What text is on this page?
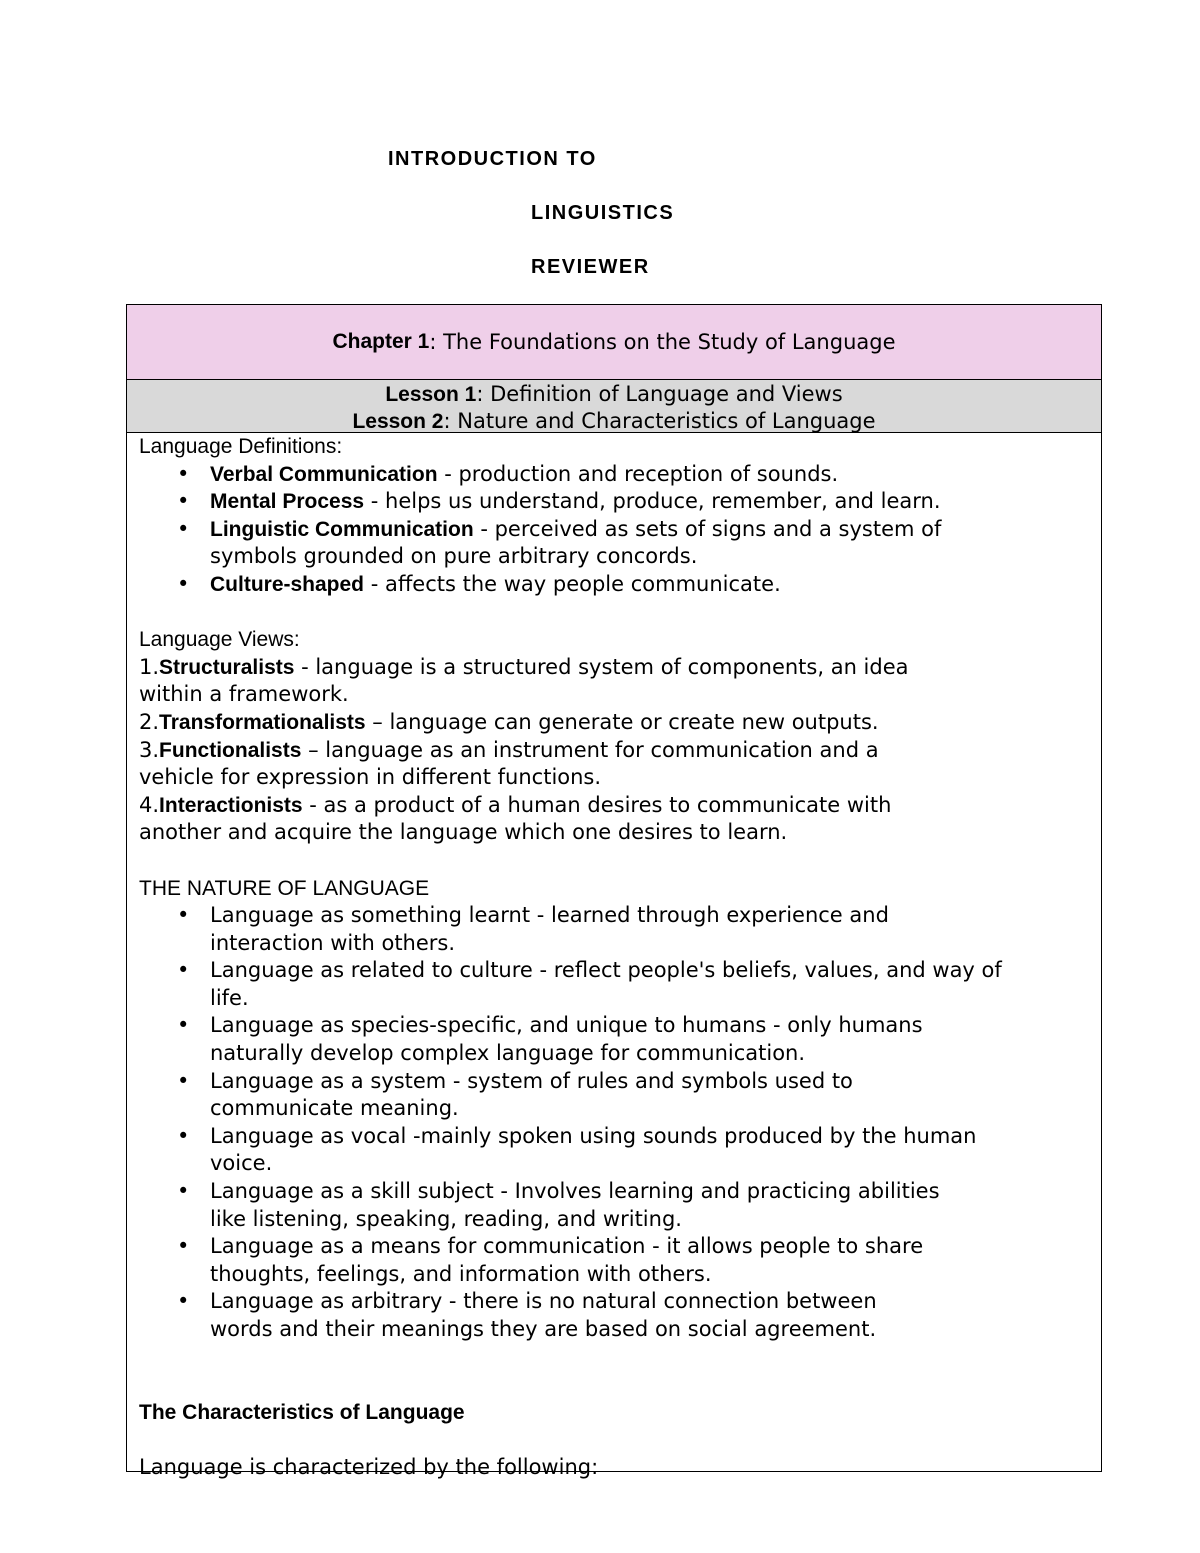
INTRODUCTION TO
LINGUISTICS
REVIEWER
Chapter 1 : The Foundations on the Study of Language
Lesson 1: Definition of Language and Views
Lesson 2: Nature and Characteristics of Language
Language Definitions:
• Verbal Communication - production and reception of sounds.
• Mental Process - helps us understand, produce, remember, and learn.
• Linguistic Communication - perceived as sets of signs and a system of
symbols grounded on pure arbitrary concords.
• Culture-shaped - affects the way people communicate.
Language Views:
1.Structuralists - language is a structured system of components, an idea
within a framework.
2.Transformationalists – language can generate or create new outputs.
3.Functionalists – language as an instrument for communication and a
vehicle for expression in different functions.
4.Interactionists - as a product of a human desires to communicate with
another and acquire the language which one desires to learn.
THE NATURE OF LANGUAGE
• Language as something learnt - learned through experience and
interaction with others.
• Language as related to culture - reflect people's beliefs, values, and way of
life.
• Language as species-specific, and unique to humans - only humans
naturally develop complex language for communication.
• Language as a system - system of rules and symbols used to
communicate meaning.
• Language as vocal -mainly spoken using sounds produced by the human
voice.
• Language as a skill subject - Involves learning and practicing abilities
like listening, speaking, reading, and writing.
• Language as a means for communication - it allows people to share
thoughts, feelings, and information with others.
• Language as arbitrary - there is no natural connection between
words and their meanings they are based on social agreement.
The Characteristics of Language
Language is characterized by the following:
